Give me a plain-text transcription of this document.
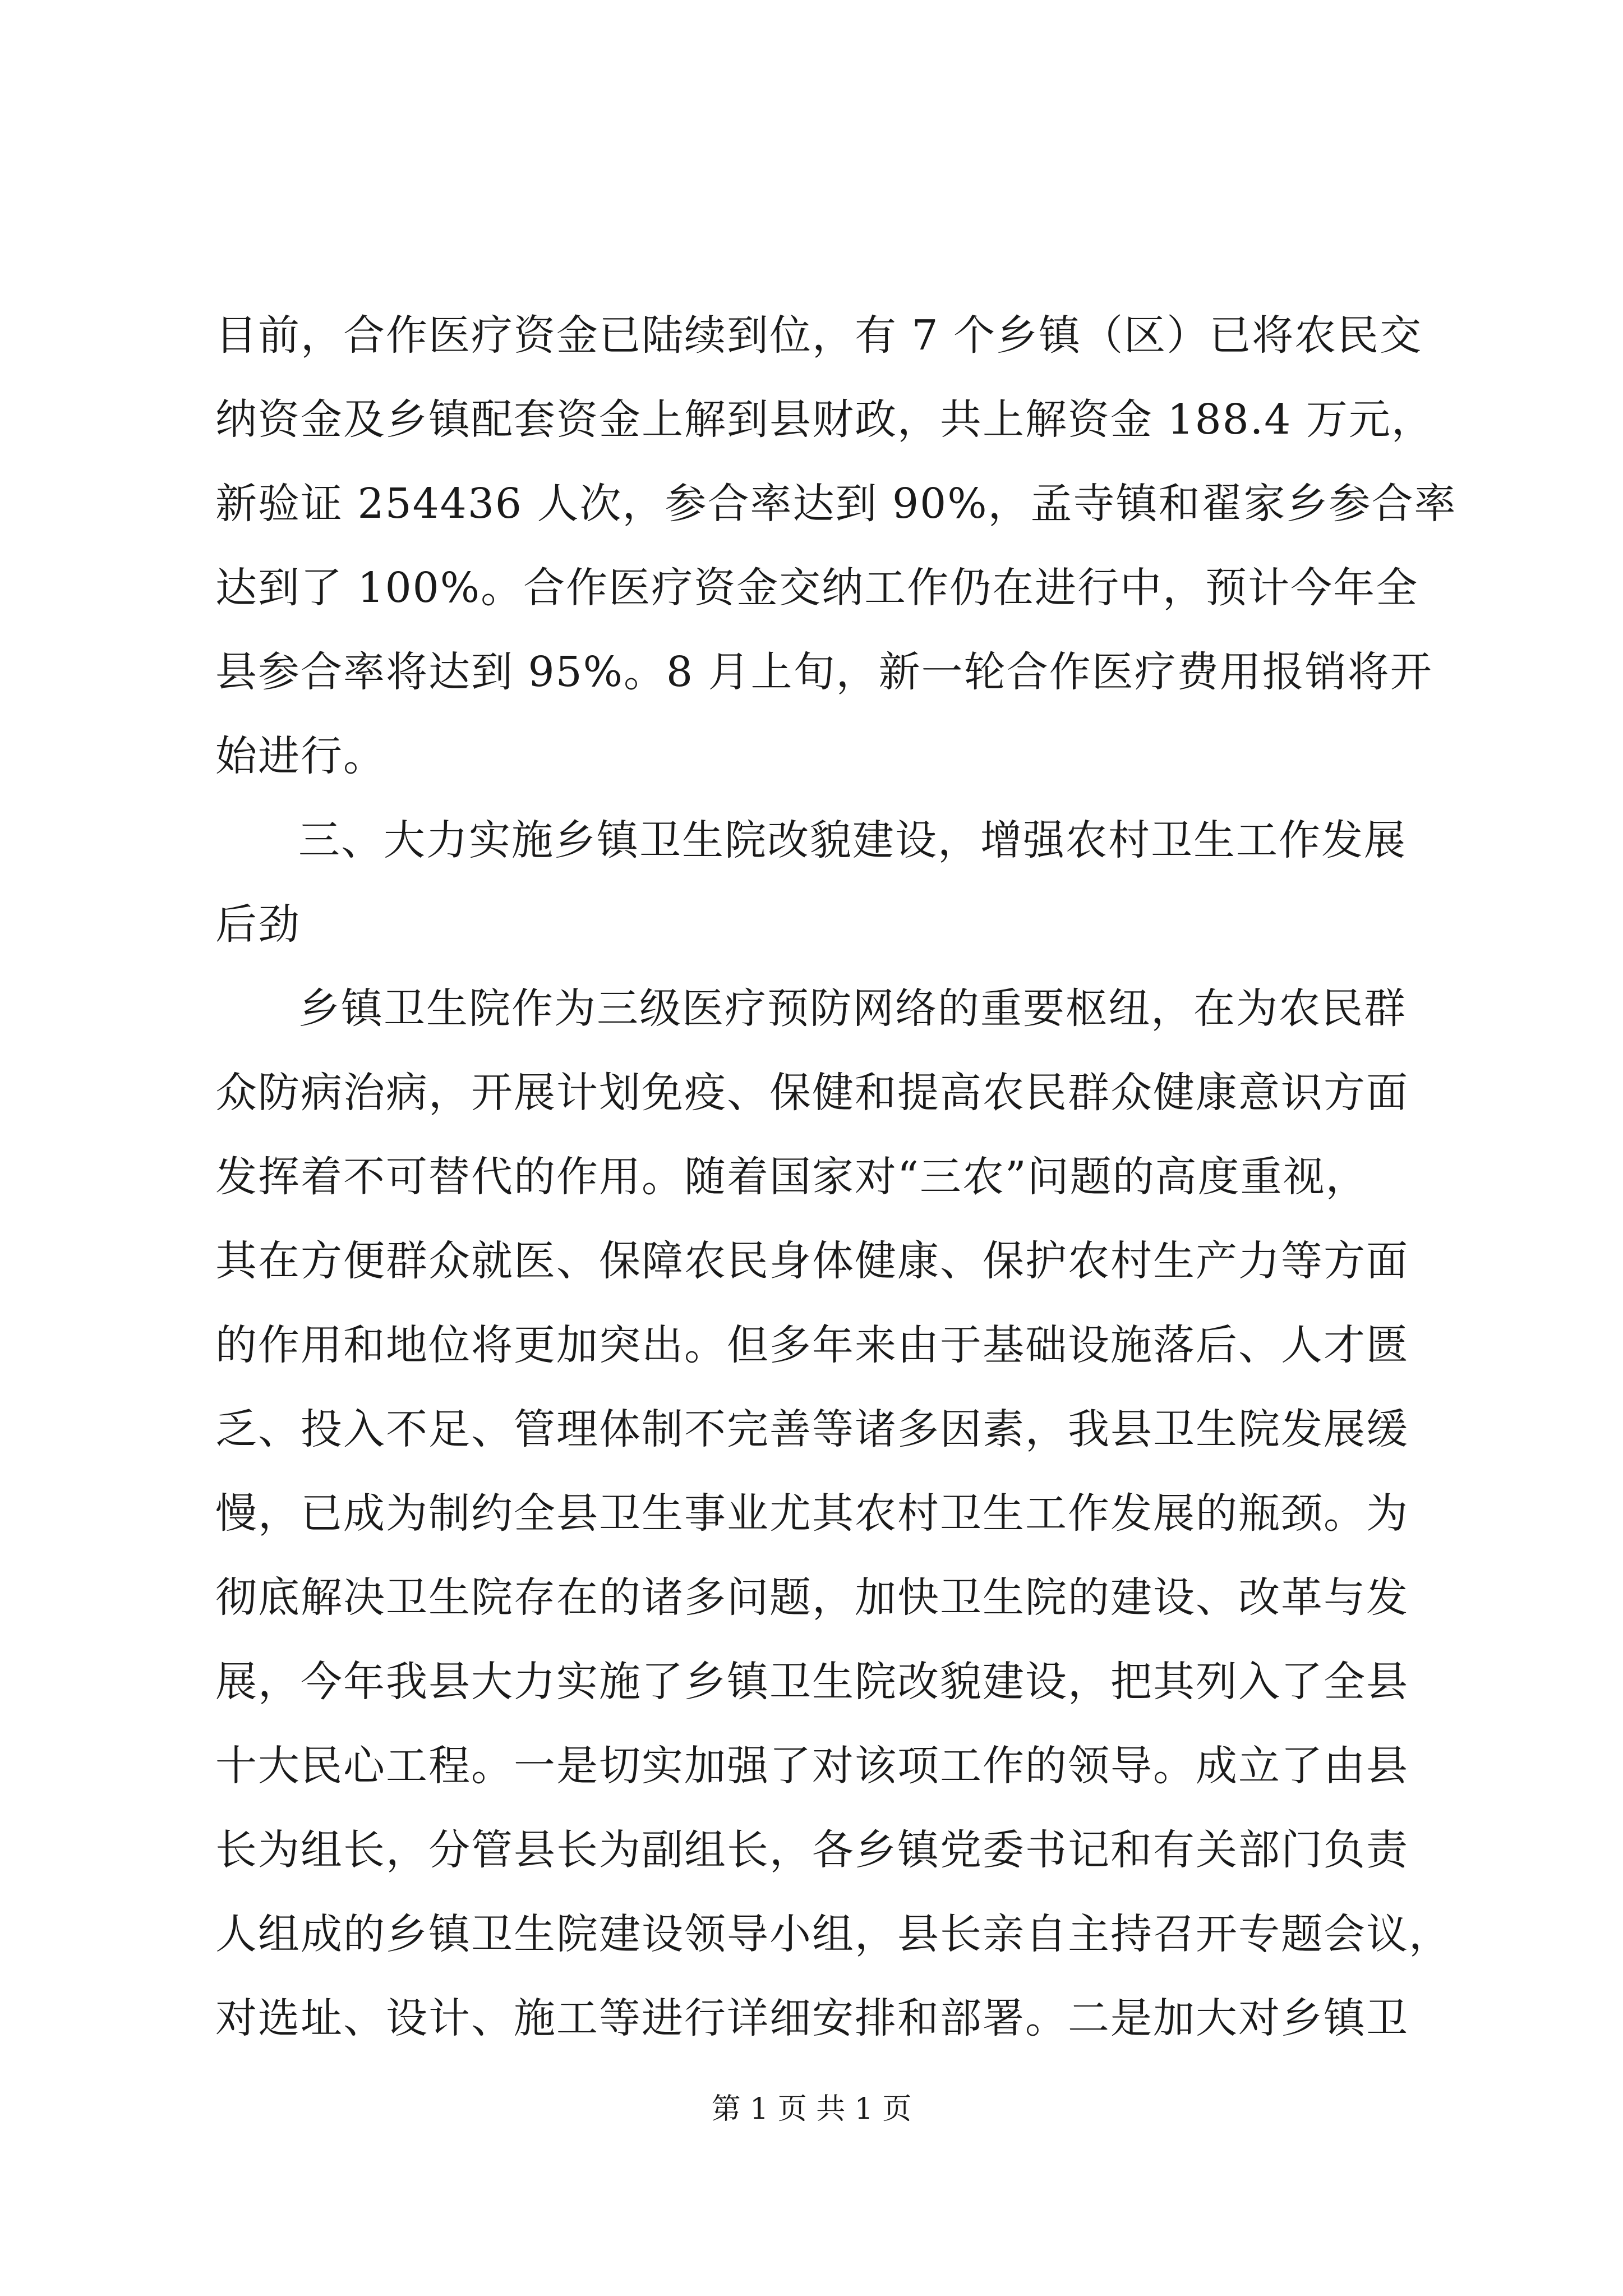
目前，合作医疗资金已陆续到位，有 7 个乡镇（区）已将农民交
纳资金及乡镇配套资金上解到县财政，共上解资金 188.4 万元，
新验证 254436 人次，参合率达到 90%，孟寺镇和翟家乡参合率
达到了 100%。合作医疗资金交纳工作仍在进行中，预计今年全
县参合率将达到 95%。8 月上旬，新一轮合作医疗费用报销将开
始进行。
三、大力实施乡镇卫生院改貌建设，增强农村卫生工作发展
后劲
乡镇卫生院作为三级医疗预防网络的重要枢纽，在为农民群
众防病治病，开展计划免疫、保健和提高农民群众健康意识方面
发挥着不可替代的作用。随着国家对“三农”问题的高度重视，
其在方便群众就医、保障农民身体健康、保护农村生产力等方面
的作用和地位将更加突出。但多年来由于基础设施落后、人才匮
乏、投入不足、管理体制不完善等诸多因素，我县卫生院发展缓
慢，已成为制约全县卫生事业尤其农村卫生工作发展的瓶颈。为
彻底解决卫生院存在的诸多问题，加快卫生院的建设、改革与发
展，今年我县大力实施了乡镇卫生院改貌建设，把其列入了全县
十大民心工程。一是切实加强了对该项工作的领导。成立了由县
长为组长，分管县长为副组长，各乡镇党委书记和有关部门负责
人组成的乡镇卫生院建设领导小组，县长亲自主持召开专题会议，
对选址、设计、施工等进行详细安排和部署。二是加大对乡镇卫
第 1 页 共 1 页
